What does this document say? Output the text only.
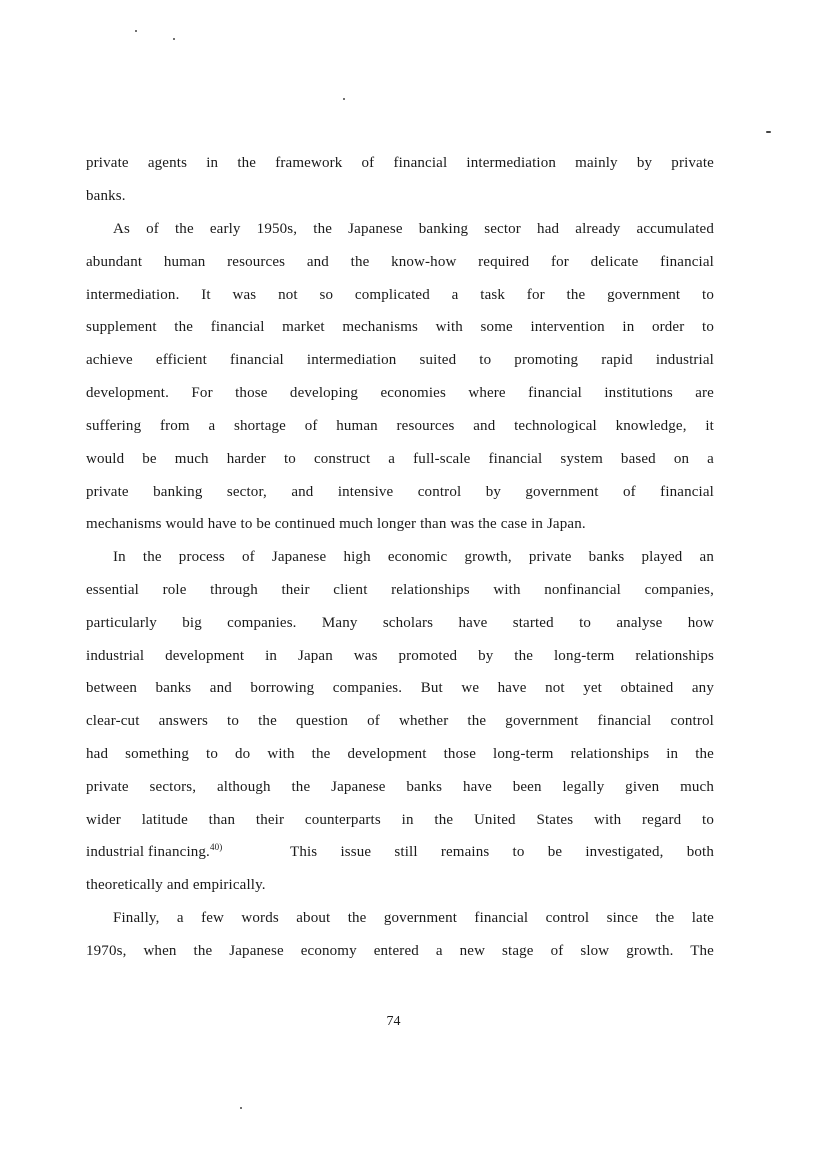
private agents in the framework of financial intermediation mainly by private
banks.
As of the early 1950s, the Japanese banking sector had already accumulated
abundant human resources and the know-how required for delicate financial
intermediation. It was not so complicated a task for the government to
supplement the financial market mechanisms with some intervention in order to
achieve efficient financial intermediation suited to promoting rapid industrial
development. For those developing economies where financial institutions are
suffering from a shortage of human resources and technological knowledge, it
would be much harder to construct a full-scale financial system based on a
private banking sector, and intensive control by government of financial
mechanisms would have to be continued much longer than was the case in Japan.
In the process of Japanese high economic growth, private banks played an
essential role through their client relationships with nonfinancial companies,
particularly big companies. Many scholars have started to analyse how
industrial development in Japan was promoted by the long-term relationships
between banks and borrowing companies. But we have not yet obtained any
clear-cut answers to the question of whether the government financial control
had something to do with the development those long-term relationships in the
private sectors, although the Japanese banks have been legally given much
wider latitude than their counterparts in the United States with regard to
industrial financing.$^{40)}$	This issue still remains to be investigated, both
theoretically and empirically.
Finally, a few words about the government financial control since the late
1970s, when the Japanese economy entered a new stage of slow growth. The
74
